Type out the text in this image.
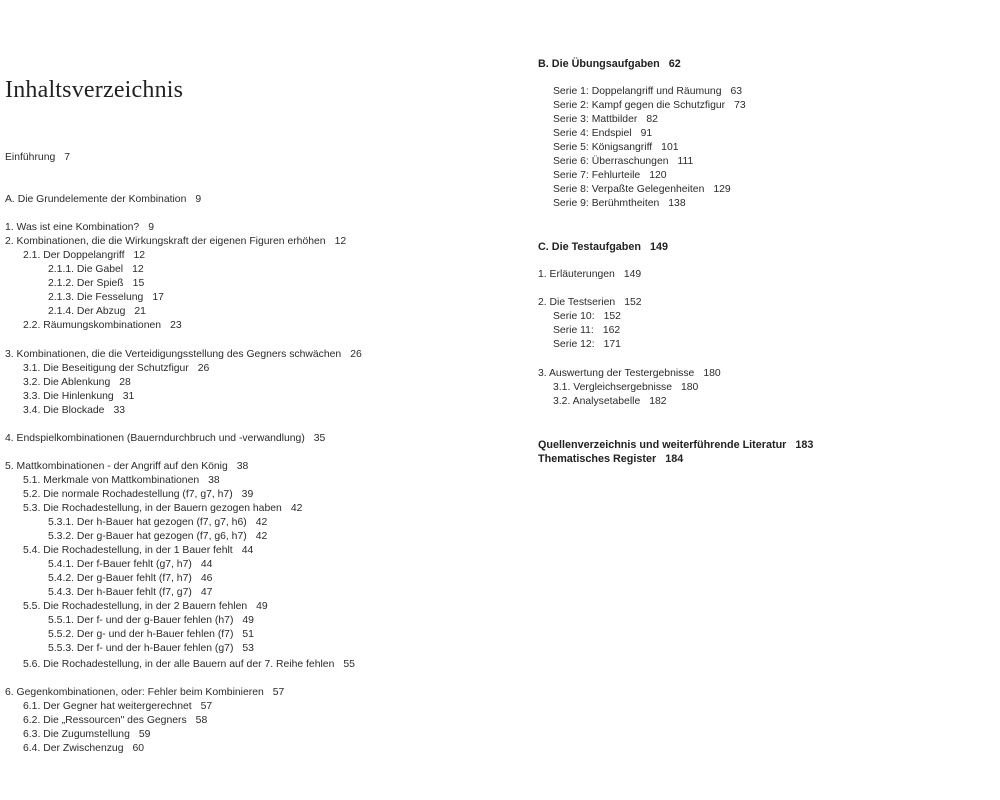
Inhaltsverzeichnis
Einführung 7
A. Die Grundelemente der Kombination 9
1. Was ist eine Kombination? 9
2. Kombinationen, die die Wirkungskraft der eigenen Figuren erhöhen 12
2.1. Der Doppelangriff 12
2.1.1. Die Gabel 12
2.1.2. Der Spieß 15
2.1.3. Die Fesselung 17
2.1.4. Der Abzug 21
2.2. Räumungskombinationen 23
3. Kombinationen, die die Verteidigungsstellung des Gegners schwächen 26
3.1. Die Beseitigung der Schutzfigur 26
3.2. Die Ablenkung 28
3.3. Die Hinlenkung 31
3.4. Die Blockade 33
4. Endspielkombinationen (Bauerndurchbruch und -verwandlung) 35
5. Mattkombinationen - der Angriff auf den König 38
5.1. Merkmale von Mattkombinationen 38
5.2. Die normale Rochadestellung (f7, g7, h7) 39
5.3. Die Rochadestellung, in der Bauern gezogen haben 42
5.3.1. Der h-Bauer hat gezogen (f7, g7, h6) 42
5.3.2. Der g-Bauer hat gezogen (f7, g6, h7) 42
5.4. Die Rochadestellung, in der 1 Bauer fehlt 44
5.4.1. Der f-Bauer fehlt (g7, h7) 44
5.4.2. Der g-Bauer fehlt (f7, h7) 46
5.4.3. Der h-Bauer fehlt (f7, g7) 47
5.5. Die Rochadestellung, in der 2 Bauern fehlen 49
5.5.1. Der f- und der g-Bauer fehlen (h7) 49
5.5.2. Der g- und der h-Bauer fehlen (f7) 51
5.5.3. Der f- und der h-Bauer fehlen (g7) 53
5.6. Die Rochadestellung, in der alle Bauern auf der 7. Reihe fehlen 55
6. Gegenkombinationen, oder: Fehler beim Kombinieren 57
6.1. Der Gegner hat weitergerechnet 57
6.2. Die „Ressourcen" des Gegners 58
6.3. Die Zugumstellung 59
6.4. Der Zwischenzug 60
B. Die Übungsaufgaben 62
Serie 1: Doppelangriff und Räumung 63
Serie 2: Kampf gegen die Schutzfigur 73
Serie 3: Mattbilder 82
Serie 4: Endspiel 91
Serie 5: Königsangriff 101
Serie 6: Überraschungen 111
Serie 7: Fehlurteile 120
Serie 8: Verpaßte Gelegenheiten 129
Serie 9: Berühmtheiten 138
C. Die Testaufgaben 149
1. Erläuterungen 149
2. Die Testserien 152
Serie 10: 152
Serie 11: 162
Serie 12: 171
3. Auswertung der Testergebnisse 180
3.1. Vergleichsergebnisse 180
3.2. Analysetabelle 182
Quellenverzeichnis und weiterführende Literatur 183
Thematisches Register 184
